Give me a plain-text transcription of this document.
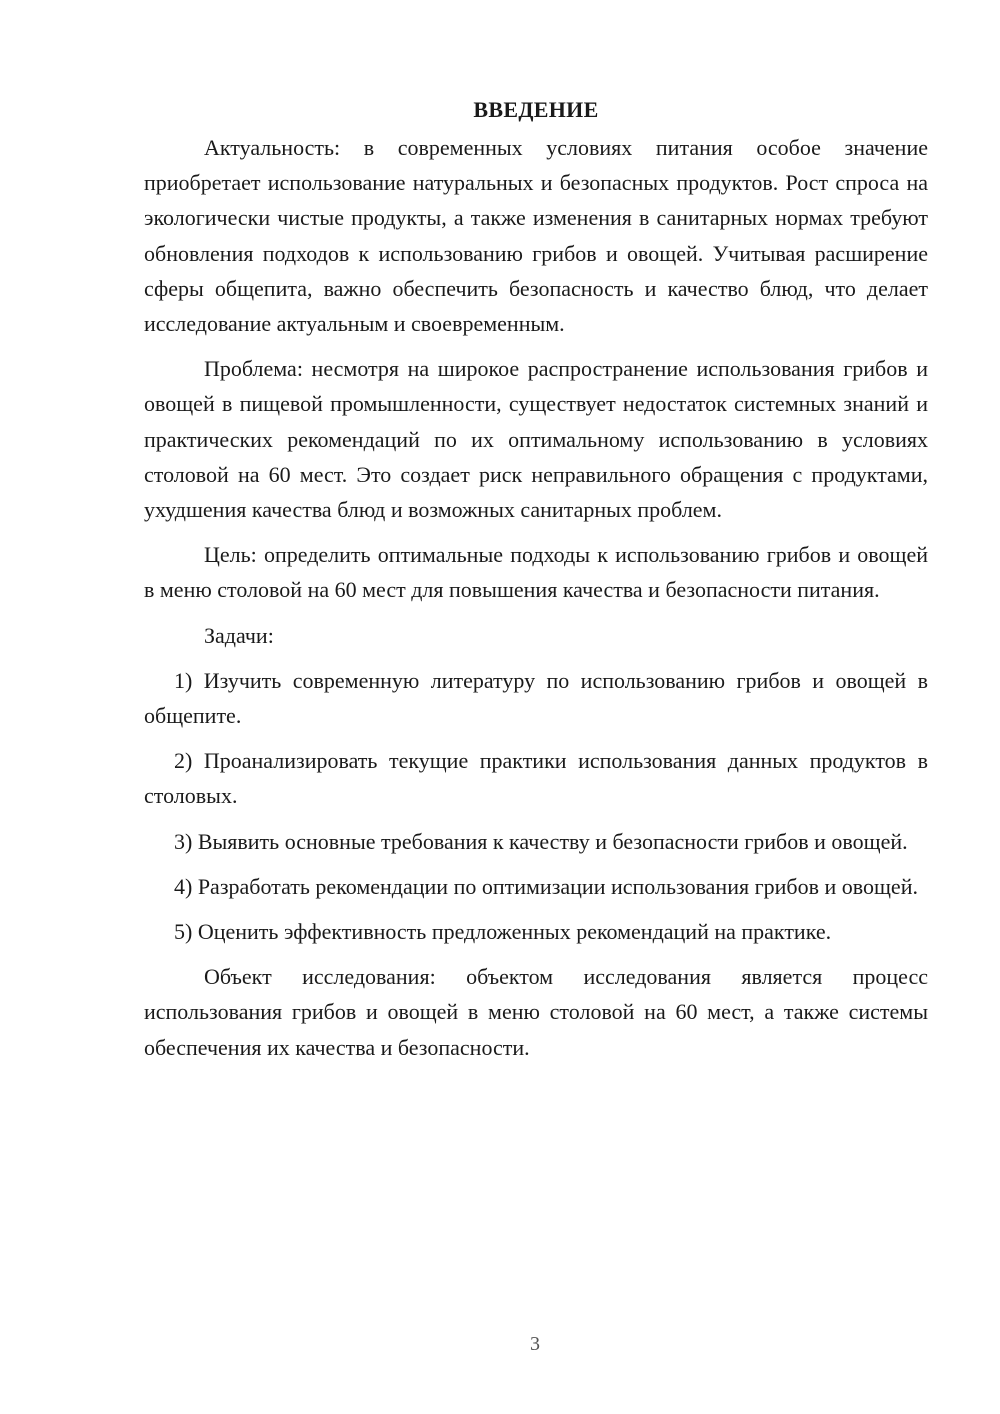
ВВЕДЕНИЕ

Актуальность: в современных условиях питания особое значение приобретает использование натуральных и безопасных продуктов. Рост спроса на экологически чистые продукты, а также изменения в санитарных нормах требуют обновления подходов к использованию грибов и овощей. Учитывая расширение сферы общепита, важно обеспечить безопасность и качество блюд, что делает исследование актуальным и своевременным.

Проблема: несмотря на широкое распространение использования грибов и овощей в пищевой промышленности, существует недостаток системных знаний и практических рекомендаций по их оптимальному использованию в условиях столовой на 60 мест. Это создает риск неправильного обращения с продуктами, ухудшения качества блюд и возможных санитарных проблем.

Цель: определить оптимальные подходы к использованию грибов и овощей в меню столовой на 60 мест для повышения качества и безопасности питания.

Задачи:

1) Изучить современную литературу по использованию грибов и овощей в общепите.

2) Проанализировать текущие практики использования данных продуктов в столовых.

3) Выявить основные требования к качеству и безопасности грибов и овощей.

4) Разработать рекомендации по оптимизации использования грибов и овощей.

5) Оценить эффективность предложенных рекомендаций на практике.

Объект исследования: объектом исследования является процесс использования грибов и овощей в меню столовой на 60 мест, а также системы обеспечения их качества и безопасности.

3
